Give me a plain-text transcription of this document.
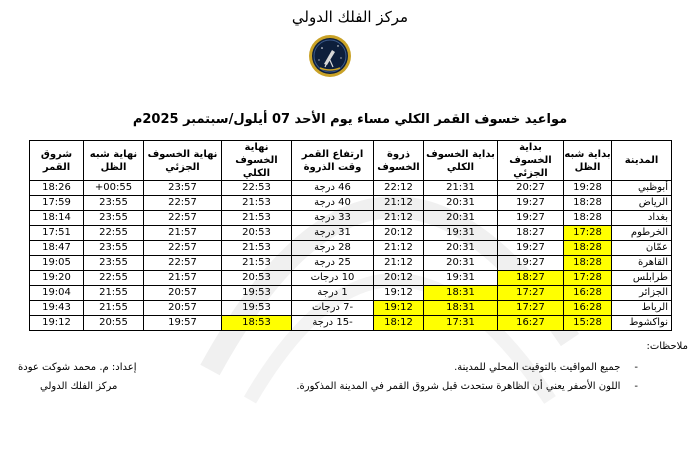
مركز الفلك الدولي
مواعيد خسوف القمر الكلي مساء يوم الأحد 07 أيلول/سبتمبر 2025م
المدينة	بداية شبه الظل	بداية الخسوف الجزئي	بداية الخسوف الكلي	ذروة الخسوف	ارتفاع القمر وقت الذروة	نهاية الخسوف الكلي	نهاية الخسوف الجزئي	نهاية شبه الظل	شروق القمر
أبوظبي	19:28	20:27	21:31	22:12	46 درجة	22:53	23:57	00:55+	18:26
الرياض	18:28	19:27	20:31	21:12	40 درجة	21:53	22:57	23:55	17:59
بغداد	18:28	19:27	20:31	21:12	33 درجة	21:53	22:57	23:55	18:14
الخرطوم	17:28	18:27	19:31	20:12	31 درجة	20:53	21:57	22:55	17:51
عمّان	18:28	19:27	20:31	21:12	28 درجة	21:53	22:57	23:55	18:47
القاهرة	18:28	19:27	20:31	21:12	25 درجة	21:53	22:57	23:55	19:05
طرابلس	17:28	18:27	19:31	20:12	10 درجات	20:53	21:57	22:55	19:20
الجزائر	16:28	17:27	18:31	19:12	1 درجة	19:53	20:57	21:55	19:04
الرباط	16:28	17:27	18:31	19:12	-7 درجات	19:53	20:57	21:55	19:43
نواكشوط	15:28	16:27	17:31	18:12	-15 درجة	18:53	19:57	20:55	19:12
ملاحظات:
-جميع المواقيت بالتوقيت المحلي للمدينة.
-اللون الأصفر يعني أن الظاهرة ستحدث قبل شروق القمر في المدينة المذكورة.
إعداد: م. محمد شوكت عودة
مركز الفلك الدولي
